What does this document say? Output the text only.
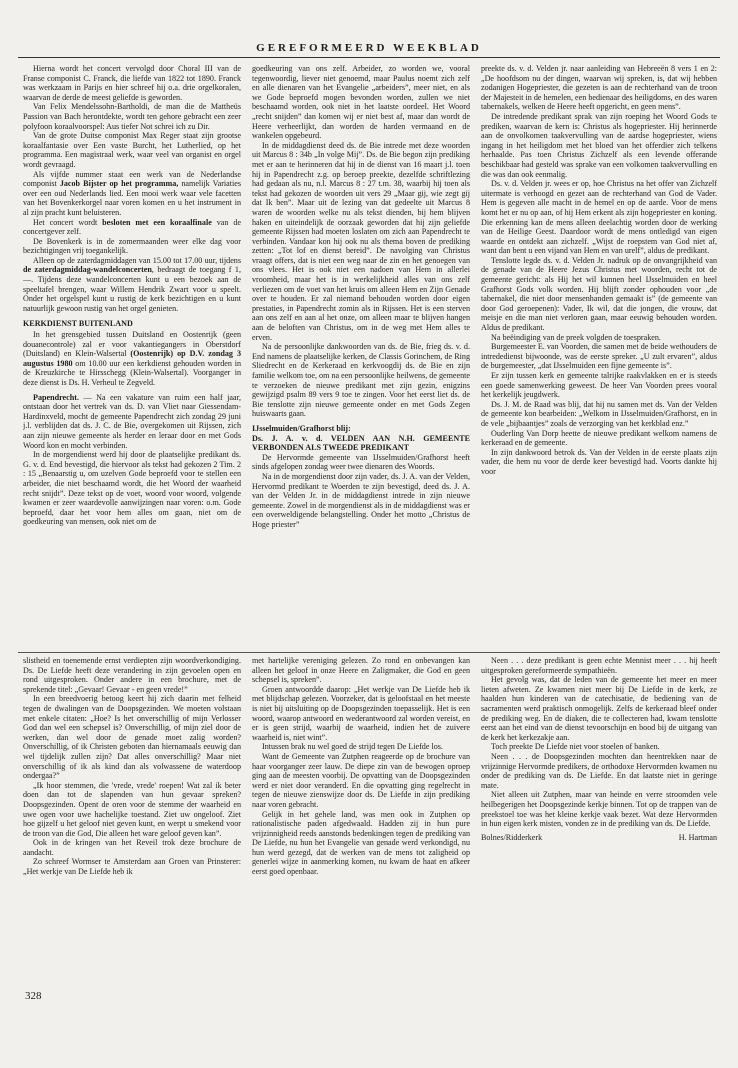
GEREFORMEERD WEEKBLAD

Hierna wordt het concert vervolgd door Choral III van de Franse componist C. Franck, die liefde van 1822 tot 1890. Franck was werkzaam in Parijs en hier schreef hij o.a. drie orgelkoralen, waarvan de derde de meest geliefde is geworden.

Van Felix Mendelssohn-Bartholdi, de man die de Mattheüs Passion van Bach herontdekte, wordt ten gehore gebracht een zeer polyfoon koraalvoorspel: Aus tiefer Not schrei ich zu Dir.

Van de grote Duitse componist Max Reger staat zijn grootse koraalfantasie over Een vaste Burcht, het Lutherlied, op het programma. Een magistraal werk, waar veel van organist en orgel wordt gevraagd.

Als vijfde nummer staat een werk van de Nederlandse componist Jacob Bijster op het programma, namelijk Variaties over een oud Nederlands lied. Een mooi werk waar vele facetten van het Bovenkerkorgel naar voren komen en u het instrument in al zijn pracht kunt beluisteren.

Het concert wordt besloten met een koraalfinale van de concertgever zelf.

De Bovenkerk is in de zomermaanden weer elke dag voor bezichtigingen vrij toegankelijk.

Alleen op de zaterdagmiddagen van 15.00 tot 17.00 uur, tijdens de zaterdagmiddag-wandelconcerten, bedraagt de toegang f 1,—. Tijdens deze wandelconcerten kunt u een bezoek aan de speeltafel brengen, waar Willem Hendrik Zwart voor u speelt. Onder het orgelspel kunt u rustig de kerk bezichtigen en u kunt natuurlijk gewoon rustig van het orgel genieten.

KERKDIENST BUITENLAND

In het grensgebied tussen Duitsland en Oostenrijk (geen douanecontrole) zal er voor vakantiegangers in Oberstdorf (Duitsland) en Klein-Walsertal (Oostenrijk) op D.V. zondag 3 augustus 1980 om 10.00 uur een kerkdienst gehouden worden in de Kreuzkirche te Hirsschegg (Klein-Walsertal). Voorganger in deze dienst is Ds. H. Verheul te Zegveld.

Papendrecht. — Na een vakature van ruim een half jaar, ontstaan door het vertrek van ds. D. van Vliet naar Giessendam-Hardinxveld, mocht de gemeente Papendrecht zich zondag 29 juni j.l. verblijden dat ds. J. C. de Bie, overgekomen uit Rijssen, zich aan zijn nieuwe gemeente als herder en leraar door en met Gods Woord kon en mocht verbinden.

In de morgendienst werd hij door de plaatselijke predikant ds. G. v. d. End bevestigd, die hiervoor als tekst had gekozen 2 Tim. 2 : 15 „Benaarstig u, om uzelven Gode beproefd voor te stellen een arbeider, die niet beschaamd wordt, die het Woord der waarheid recht snijdt”. Deze tekst op de voet, woord voor woord, volgende kwamen er zeer waardevolle aanwijzingen naar voren: o.m. Gode beproefd, daar het voor hem alles om gaan, niet om de goedkeuring van mensen, ook niet om de

goedkeuring van ons zelf. Arbeider, zo worden we, vooral tegenwoordig, liever niet genoemd, maar Paulus noemt zich zelf en alle dienaren van het Evangelie „arbeiders”, meer niet, en als we Gode beproefd mogen bevonden worden, zullen we niet beschaamd worden, ook niet in het laatste oordeel. Het Woord „recht snijden” dan komen wij er niet best af, maar dan wordt de Heere verheerlijkt, dan worden de harden vermaand en de wankelen opgebeurd.

In de middagdienst deed ds. de Bie intrede met deze woorden uit Marcus 8 : 34b „In volge Mij”. Ds. de Bie begon zijn prediking met er aan te herinneren dat hij in de dienst van 16 maart j.l. toen hij in Papendrecht z.g. op beroep preekte, dezelfde schriftlezing had gedaan als nu, n.l. Marcus 8 : 27 t.m. 38, waarbij hij toen als tekst had gekozen de woorden uit vers 29 „Maar gij, wie zegt gij dat Ik ben”. Maar uit de lezing van dat gedeelte uit Marcus 8 waren de woorden welke nu als tekst dienden, bij hem blijven haken en uiteindelijk de oorzaak geworden dat hij zijn geliefde gemeente Rijssen had moeten loslaten om zich aan Papendrecht te verbinden. Vandaar kon hij ook nu als thema boven de prediking zetten: „Tot lof en dienst bereid”. De navolging van Christus vraagt offers, dat is niet een weg naar de zin en het genoegen van ons vlees. Het is ook niet een nadoen van Hem in allerlei vroomheid, maar het is in werkelijkheid alles van ons zelf verliezen om de voet van het kruis om alleen Hem en Zijn Genade over te houden. Er zal niemand behouden worden door eigen prestaties, in Papendrecht zomin als in Rijssen. Het is een sterven aan ons zelf en aan al het onze, om alleen maar te blijven hangen aan de beloften van Christus, om in de weg met Hem alles te erven.

Na de persoonlijke dankwoorden van ds. de Bie, frieg ds. v. d. End namens de plaatselijke kerken, de Classis Gorinchem, de Ring Sliedrecht en de Kerkeraad en kerkvoogdij ds. de Bie en zijn familie welkom toe, om na een persoonlijke heilwens, de gemeente te verzoeken de nieuwe predikant met zijn gezin, enigzins gewijzigd psalm 89 vers 9 toe te zingen. Voor het eerst liet ds. de Bie tenslotte zijn nieuwe gemeente onder en met Gods Zegen huiswaarts gaan.

IJsselmuiden/Grafhorst blij:
Ds. J. A. v. d. VELDEN AAN N.H. GEMEENTE VERBONDEN ALS TWEEDE PREDIKANT

De Hervormde gemeente van IJsselmuiden/Grafhorst heeft sinds afgelopen zondag weer twee dienaren des Woords.

Na in de morgendienst door zijn vader, ds. J. A. van der Velden, Hervormd predikant te Woerden te zijn bevestigd, deed ds. J. A. van der Velden Jr. in de middagdienst intrede in zijn nieuwe gemeente. Zowel in de morgendienst als in de middagdienst was er een overweldigende belangstelling. Onder het motto „Christus de Hoge priester”

preekte ds. v. d. Velden jr. naar aanleiding van Hebreeën 8 vers 1 en 2: „De hoofdsom nu der dingen, waarvan wij spreken, is, dat wij hebben zodanigen Hogepriester, die gezeten is aan de rechterhand van de troon der Majesteit in de hemelen, een bedienaar des heiligdoms, en des waren tabernakels, welken de Heere heeft opgericht, en geen mens”.

De intredende predikant sprak van zijn roeping het Woord Gods te prediken, waarvan de kern is: Christus als hogepriester. Hij herinnerde aan de onvolkomen taakvervulling van de aardse hogepriester, wiens ingang in het heiligdom met het bloed van het offerdier zich telkens herhaalde. Pas toen Christus Zichzelf als een levende offerande beschikbaar had gesteld was sprake van een volkomen taakvervulling en die was dan ook eenmalig.

Ds. v. d. Velden jr. wees er op, hoe Christus na het offer van Zichzelf uitermate is verhoogd en gezet aan de rechterhand van God de Vader. Hem is gegeven alle macht in de hemel en op de aarde. Voor de mens komt het er nu op aan, of hij Hem erkent als zijn hogepriester en koning. Die erkenning kan de mens alleen deelachtig worden door de werking van de Heilige Geest. Daardoor wordt de mens ontledigd van eigen waarde en ontdekt aan zichzelf. „Wijst de roepstem van God niet af, want dan bent u een vijand van Hem en van urelf”, aldus de predikant.

Tenslotte legde ds. v. d. Velden Jr. nadruk op de onvangrijkheid van de genade van de Heere Jezus Christus met woorden, recht tot de gemeente gericht: als Hij het wil kunnen heel IJsselmuiden en heel Grafhorst Gods volk worden. Hij blijft zonder ophouden voor „de tabernakel, die niet door mensenhanden gemaakt is” (de gemeente van door God geroepenen): Vader, Ik wil, dat die jongen, die vrouw, dat meisje en die man niet verloren gaan, maar eeuwig behouden worden. Aldus de predikant.

Na beëindiging van de preek volgden de toespraken.

Burgemeester E. van Voorden, die samen met de beide wethouders de intrededienst bijwoonde, was de eerste spreker. „U zult ervaren”, aldus de burgemeester, „dat IJsselmuiden een fijne gemeente is”.

Er zijn tussen kerk en gemeente talrijke raakvlakken en er is steeds een goede samenwerking geweest. De heer Van Voorden prees vooral het kerkelijk jeugdwerk.

Ds. J. M. de Raad was blij, dat hij nu samen met ds. Van der Velden de gemeente kon bearbeiden: „Welkom in IJsselmuiden/Grafhorst, en in de vele „bijbaantjes” zoals de verzorging van het kerkblad enz.”

Ouderling Van Dorp heette de nieuwe predikant welkom namens de kerkeraad en de gemeente.

In zijn dankwoord betrok ds. Van der Velden in de eerste plaats zijn vader, die hem nu voor de derde keer bevestigd had. Voorts dankte hij voor

slistheid en toenemende ernst verdiepten zijn woordverkondiging. Ds. De Liefde heeft deze verandering in zijn gevoelen open en rond uitgesproken. Onder andere in een brochure, met de sprekende titel: „Gevaar! Gevaar - en geen vrede!”

In een breedvoerig betoog keert hij zich daarin met felheid tegen de dwalingen van de Doopsgezinden. We moeten volstaan met enkele citaten: „Hoe? Is het onverschillig of mijn Verlosser God dan wel een schepsel is? Onverschillig, of mijn ziel door de werken, dan wel door de genade moet zalig worden? Onverschillig, of ik Christen geboten dan hiernamaals eeuwig dan wel tijdelijk zullen zijn? Dat alles onverschillig? Maar niet onverschillig of ik als kind dan als volwassene de waterdoop ondergaa?”

„Ik hoor stemmen, die 'vrede, vrede' roepen! Wat zal ik beter doen dan tot de slapenden van hun gevaar spreken? Doopsgezinden. Opent de oren voor de stemme der waarheid en uwe ogen voor uwe hachelijke toestand. Ziet uw ongeloof. Ziet hoe gijzelf u het geloof niet geven kunt, en werpt u smekend voor de troon van die God, Die alleen het ware geloof geven kan”.

Ook in de kringen van het Reveil trok deze brochure de aandacht.

Zo schreef Wormser te Amsterdam aan Groen van Prinsterer: „Het werkje van De Liefde heb ik

met hartelijke vereniging gelezen. Zo rond en onbevangen kan alleen het geloof in onze Heere en Zaligmaker, die God en geen schepsel is, spreken”.

Groen antwoordde daarop: „Het werkje van De Liefde heb ik met blijdschap gelezen. Voorzeker, dat is geloofstaal en het meeste is niet bij uitsluiting op de Doopsgezinden toepasselijk. Het is een woord, waarop antwoord en wederantwoord zal worden vereist, en er is geen strijd, waarbij de waarheid, indien het de zuivere waarheid is, niet wint”.

Intussen brak nu wel goed de strijd tegen De Liefde los.

Want de Gemeente van Zutphen reageerde op de brochure van haar voorganger zeer lauw. De diepe zin van de bewogen oproep ging aan de meesten voorbij. De opvatting van de Doopsgezinden werd er niet door veranderd. En die opvatting ging regelrecht in tegen de nieuwe zienswijze door ds. De Liefde in zijn prediking naar voren gebracht.

Gelijk in het gehele land, was men ook in Zutphen op rationalistische paden afgedwaald. Hadden zij in hun pure vrijzinnigheid reeds aanstonds bedenkingen tegen de prediking van De Liefde, nu hun het Evangelie van genade werd verkondigd, nu hun werd gezegd, dat de werken van de mens tot zaligheid op generlei wijze in aanmerking komen, nu kwam de haat en afkeer eerst goed openbaar.

Neen . . . deze predikant is geen echte Mennist meer . . . hij heeft uitgesproken gereformeerde sympathieën.

Het gevolg was, dat de leden van de gemeente het meer en meer lieten afweten. Ze kwamen niet meer bij De Liefde in de kerk, ze haalden hun kinderen van de catechisatie, de bediening van de sacramenten werd praktisch onmogelijk. Zelfs de kerkeraad bleef onder de prediking weg. En de diaken, die te collecteren had, kwam tenslotte eerst aan het eind van de dienst tevoorschijn en bood bij de uitgang van de kerk het kerkezakje aan.

Toch preekte De Liefde niet voor stoelen of banken.

Neen . . . de Doopsgezinden mochten dan heentrekken naar de vrijzinnige Hervormde predikers, de orthodoxe Hervormden kwamen nu onder de prediking van ds. De Liefde. En dat laatste niet in geringe mate.

Niet alleen uit Zutphen, maar van heinde en verre stroomden vele heilbegerigen het Doopsgezinde kerkje binnen. Tot op de trappen van de preekstoel toe was het kleine kerkje vaak bezet. Wat deze Hervormden in hun eigen kerk misten, vonden ze in de prediking van ds. De Liefde.

Bolnes/Ridderkerk	H. Hartman
328
